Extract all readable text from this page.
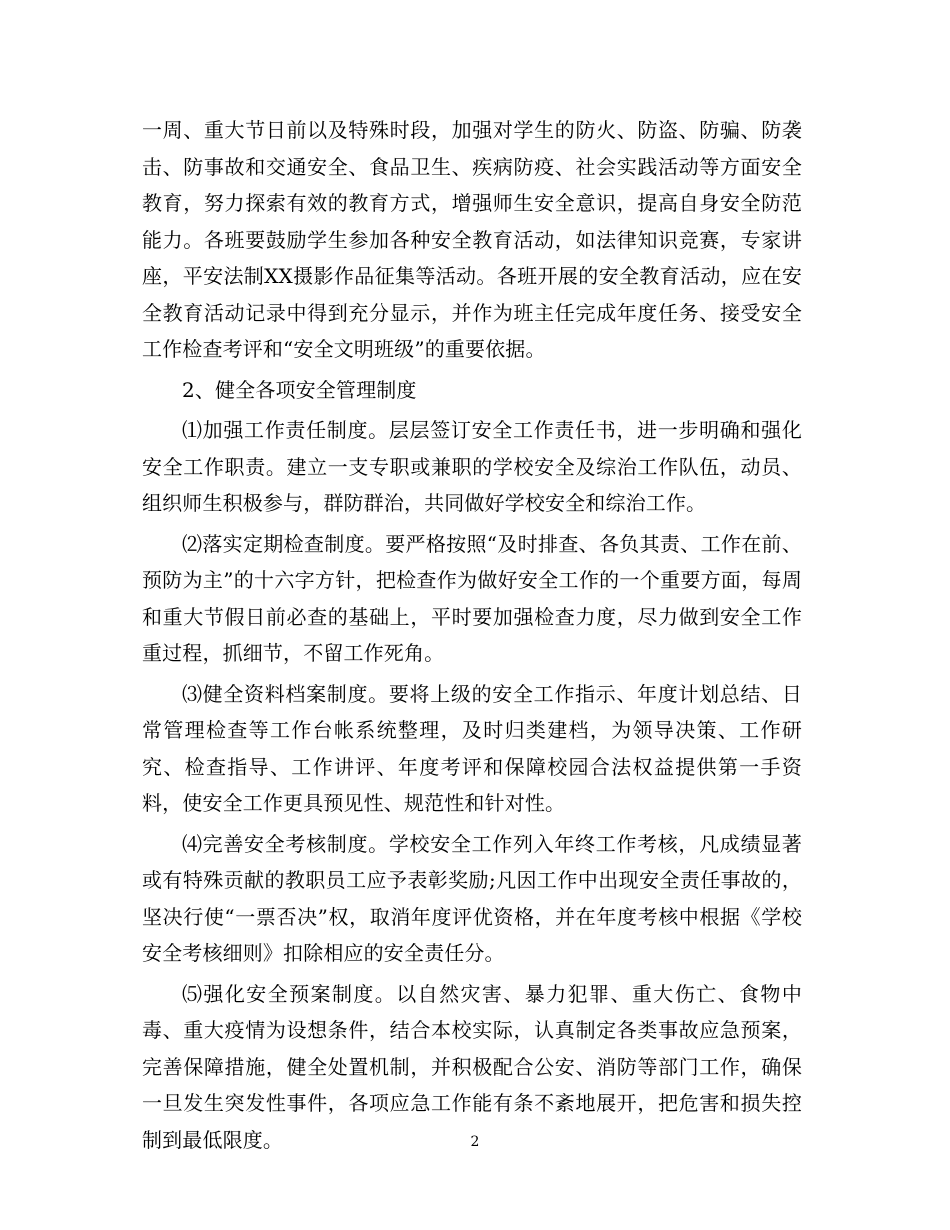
一周、重大节日前以及特殊时段，加强对学生的防火、防盗、防骗、防袭击、防事故和交通安全、食品卫生、疾病防疫、社会实践活动等方面安全教育，努力探索有效的教育方式，增强师生安全意识，提高自身安全防范能力。各班要鼓励学生参加各种安全教育活动，如法律知识竞赛，专家讲座，平安法制XX摄影作品征集等活动。各班开展的安全教育活动，应在安全教育活动记录中得到充分显示，并作为班主任完成年度任务、接受安全工作检查考评和“安全文明班级”的重要依据。

2、健全各项安全管理制度

⑴加强工作责任制度。层层签订安全工作责任书，进一步明确和强化安全工作职责。建立一支专职或兼职的学校安全及综治工作队伍，动员、组织师生积极参与，群防群治，共同做好学校安全和综治工作。

⑵落实定期检查制度。要严格按照“及时排查、各负其责、工作在前、预防为主”的十六字方针，把检查作为做好安全工作的一个重要方面，每周和重大节假日前必查的基础上，平时要加强检查力度，尽力做到安全工作重过程，抓细节，不留工作死角。

⑶健全资料档案制度。要将上级的安全工作指示、年度计划总结、日常管理检查等工作台帐系统整理，及时归类建档，为领导决策、工作研究、检查指导、工作讲评、年度考评和保障校园合法权益提供第一手资料，使安全工作更具预见性、规范性和针对性。

⑷完善安全考核制度。学校安全工作列入年终工作考核，凡成绩显著或有特殊贡献的教职员工应予表彰奖励;凡因工作中出现安全责任事故的，坚决行使“一票否决”权，取消年度评优资格，并在年度考核中根据《学校安全考核细则》扣除相应的安全责任分。

⑸强化安全预案制度。以自然灾害、暴力犯罪、重大伤亡、食物中毒、重大疫情为设想条件，结合本校实际，认真制定各类事故应急预案，完善保障措施，健全处置机制，并积极配合公安、消防等部门工作，确保一旦发生突发性事件，各项应急工作能有条不紊地展开，把危害和损失控制到最低限度。	2
